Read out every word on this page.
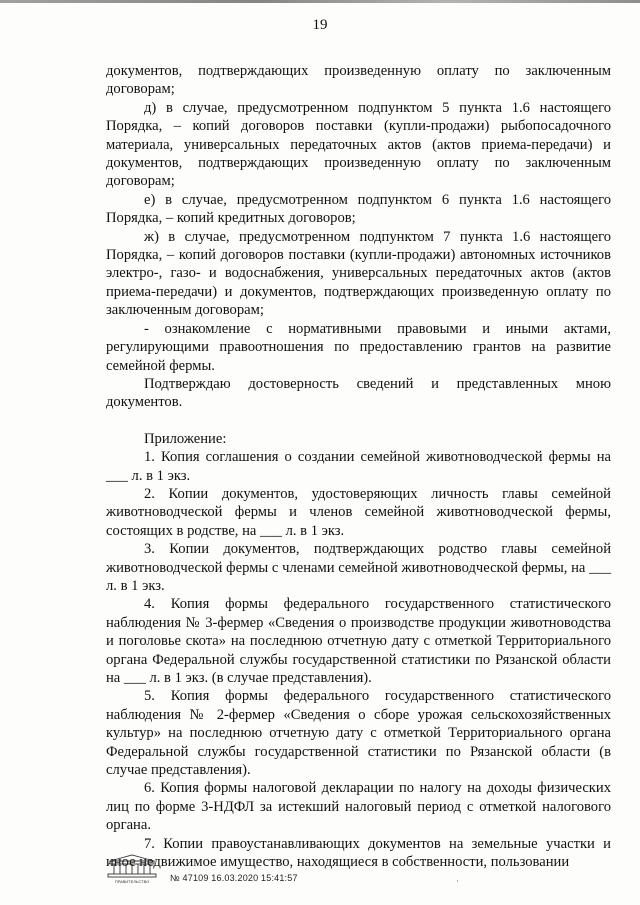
19

документов, подтверждающих произведенную оплату по заключенным договорам;

д) в случае, предусмотренном подпунктом 5 пункта 1.6 настоящего Порядка, – копий договоров поставки (купли-продажи) рыбопосадочного материала, универсальных передаточных актов (актов приема-передачи) и документов, подтверждающих произведенную оплату по заключенным договорам;

е) в случае, предусмотренном подпунктом 6 пункта 1.6 настоящего Порядка, – копий кредитных договоров;

ж) в случае, предусмотренном подпунктом 7 пункта 1.6 настоящего Порядка, – копий договоров поставки (купли-продажи) автономных источников электро-, газо- и водоснабжения, универсальных передаточных актов (актов приема-передачи) и документов, подтверждающих произведенную оплату по заключенным договорам;

- ознакомление с нормативными правовыми и иными актами, регулирующими правоотношения по предоставлению грантов на развитие семейной фермы.

Подтверждаю достоверность сведений и представленных мною документов.

Приложение:

1. Копия соглашения о создании семейной животноводческой фермы на ___ л. в 1 экз.

2. Копии документов, удостоверяющих личность главы семейной животноводческой фермы и членов семейной животноводческой фермы, состоящих в родстве, на ___ л. в 1 экз.

3. Копии документов, подтверждающих родство главы семейной животноводческой фермы с членами семейной животноводческой фермы, на ___ л. в 1 экз.

4. Копия формы федерального государственного статистического наблюдения № 3-фермер «Сведения о производстве продукции животноводства и поголовье скота» на последнюю отчетную дату с отметкой Территориального органа Федеральной службы государственной статистики по Рязанской области на ___ л. в 1 экз. (в случае представления).

5. Копия формы федерального государственного статистического наблюдения № 2-фермер «Сведения о сборе урожая сельскохозяйственных культур» на последнюю отчетную дату с отметкой Территориального органа Федеральной службы государственной статистики по Рязанской области (в случае представления).

6. Копия формы налоговой декларации по налогу на доходы физических лиц по форме 3-НДФЛ за истекший налоговый период с отметкой налогового органа.

7. Копии правоустанавливающих документов на земельные участки и иное недвижимое имущество, находящиеся в собственности, пользовании

ПРАВИТЕЛЬСТВО № 47109 16.03.2020 15:41:57	·
